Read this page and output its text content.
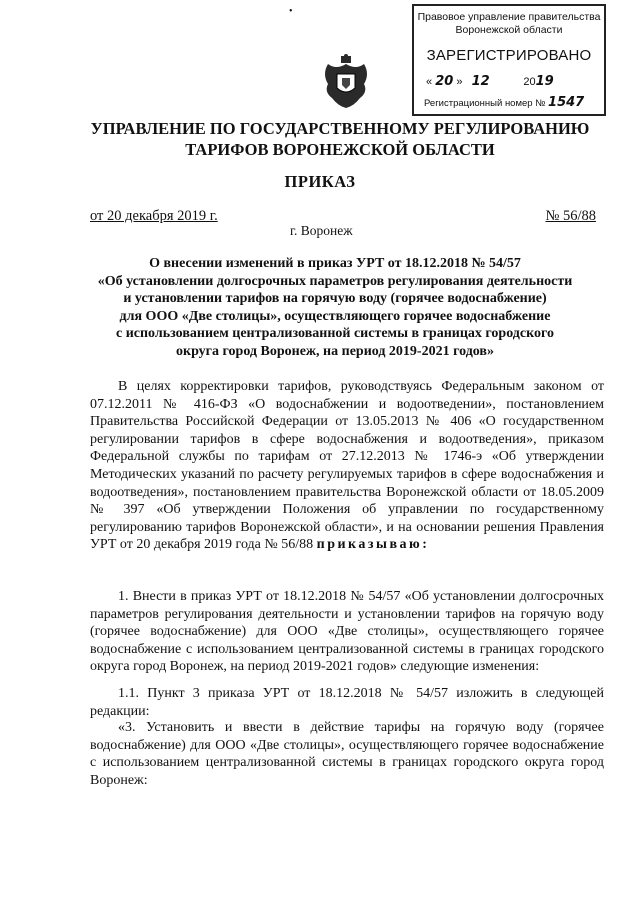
•	Правовое управление правительства Воронежской области
ЗАРЕГИСТРИРОВАНО
« 20 » 12	2019
Регистрационный номер № 1547
УПРАВЛЕНИЕ ПО ГОСУДАРСТВЕННОМУ РЕГУЛИРОВАНИЮ
ТАРИФОВ ВОРОНЕЖСКОЙ ОБЛАСТИ
ПРИКАЗ
от 20 декабря 2019 г.	№ 56/88
г. Воронеж
О внесении изменений в приказ УРТ от 18.12.2018 № 54/57
«Об установлении долгосрочных параметров регулирования деятельности
и установлении тарифов на горячую воду (горячее водоснабжение)
для ООО «Две столицы», осуществляющего горячее водоснабжение
с использованием централизованной системы в границах городского
округа город Воронеж, на период 2019-2021 годов»
В целях корректировки тарифов, руководствуясь Федеральным законом от 07.12.2011 № 416-ФЗ «О водоснабжении и водоотведении», постановлением Правительства Российской Федерации от 13.05.2013 № 406 «О государственном регулировании тарифов в сфере водоснабжения и водоотведения», приказом Федеральной службы по тарифам от 27.12.2013 № 1746-э «Об утверждении Методических указаний по расчету регулируемых тарифов в сфере водоснабжения и водоотведения», постановлением правительства Воронежской области от 18.05.2009 № 397 «Об утверждении Положения об управлении по государственному регулированию тарифов Воронежской области», и на основании решения Правления УРТ от 20 декабря 2019 года № 56/88 приказываю:
1. Внести в приказ УРТ от 18.12.2018 № 54/57 «Об установлении долгосрочных параметров регулирования деятельности и установлении тарифов на горячую воду (горячее водоснабжение) для ООО «Две столицы», осуществляющего горячее водоснабжение с использованием централизованной системы в границах городского округа город Воронеж, на период 2019-2021 годов» следующие изменения:
1.1. Пункт 3 приказа УРТ от 18.12.2018 № 54/57 изложить в следующей редакции:
«3. Установить и ввести в действие тарифы на горячую воду (горячее водоснабжение) для ООО «Две столицы», осуществляющего горячее водоснабжение с использованием централизованной системы в границах городского округа город Воронеж:
